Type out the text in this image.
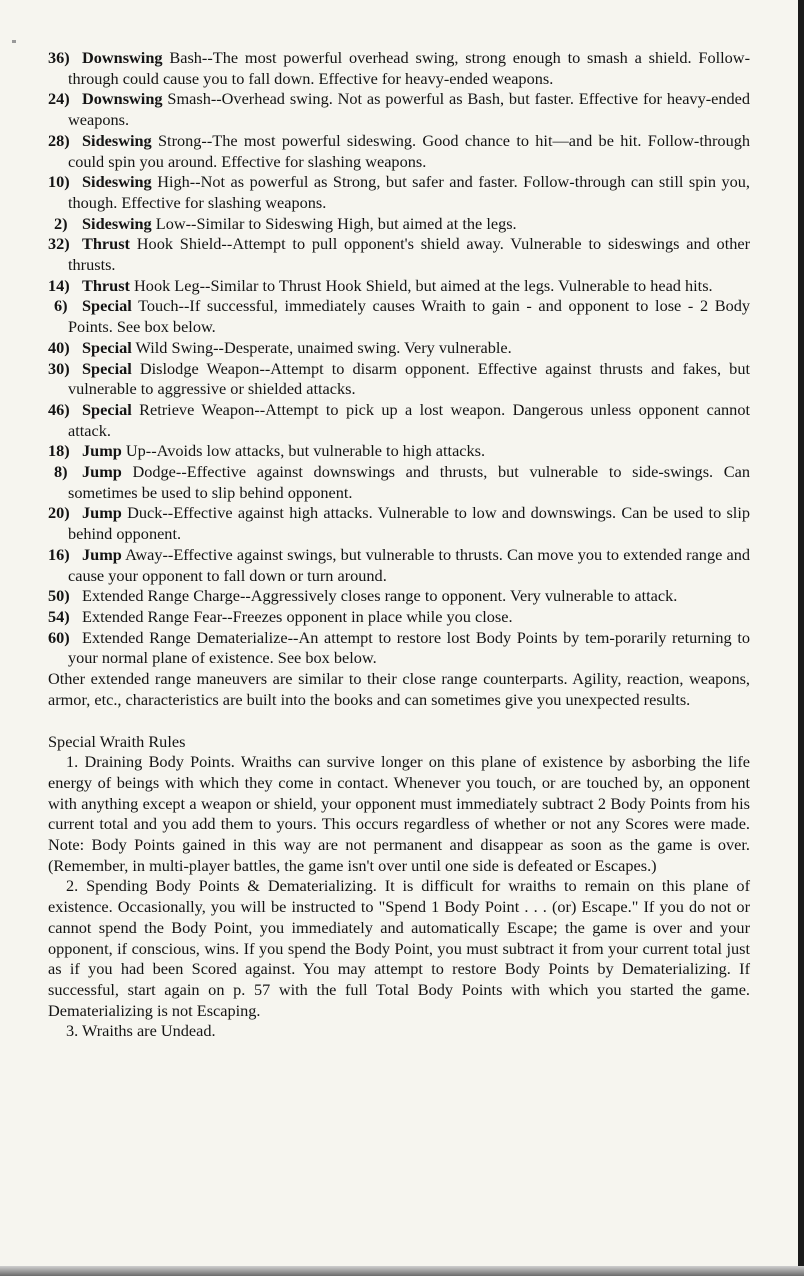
36) Downswing Bash--The most powerful overhead swing, strong enough to smash a shield. Follow-through could cause you to fall down. Effective for heavy-ended weapons.
24) Downswing Smash--Overhead swing. Not as powerful as Bash, but faster. Effective for heavy-ended weapons.
28) Sideswing Strong--The most powerful sideswing. Good chance to hit—and be hit. Follow-through could spin you around. Effective for slashing weapons.
10) Sideswing High--Not as powerful as Strong, but safer and faster. Follow-through can still spin you, though. Effective for slashing weapons.
2) Sideswing Low--Similar to Sideswing High, but aimed at the legs.
32) Thrust Hook Shield--Attempt to pull opponent's shield away. Vulnerable to sideswings and other thrusts.
14) Thrust Hook Leg--Similar to Thrust Hook Shield, but aimed at the legs. Vulnerable to head hits.
6) Special Touch--If successful, immediately causes Wraith to gain - and opponent to lose - 2 Body Points. See box below.
40) Special Wild Swing--Desperate, unaimed swing. Very vulnerable.
30) Special Dislodge Weapon--Attempt to disarm opponent. Effective against thrusts and fakes, but vulnerable to aggressive or shielded attacks.
46) Special Retrieve Weapon--Attempt to pick up a lost weapon. Dangerous unless opponent cannot attack.
18) Jump Up--Avoids low attacks, but vulnerable to high attacks.
8) Jump Dodge--Effective against downswings and thrusts, but vulnerable to side-swings. Can sometimes be used to slip behind opponent.
20) Jump Duck--Effective against high attacks. Vulnerable to low and downswings. Can be used to slip behind opponent.
16) Jump Away--Effective against swings, but vulnerable to thrusts. Can move you to extended range and cause your opponent to fall down or turn around.
50) Extended Range Charge--Aggressively closes range to opponent. Very vulnerable to attack.
54) Extended Range Fear--Freezes opponent in place while you close.
60) Extended Range Dematerialize--An attempt to restore lost Body Points by tem-porarily returning to your normal plane of existence. See box below.
Other extended range maneuvers are similar to their close range counterparts. Agility, reaction, weapons, armor, etc., characteristics are built into the books and can sometimes give you unexpected results.
Special Wraith Rules
1. Draining Body Points. Wraiths can survive longer on this plane of existence by asborbing the life energy of beings with which they come in contact. Whenever you touch, or are touched by, an opponent with anything except a weapon or shield, your opponent must immediately subtract 2 Body Points from his current total and you add them to yours. This occurs regardless of whether or not any Scores were made. Note: Body Points gained in this way are not permanent and disappear as soon as the game is over. (Remember, in multi-player battles, the game isn't over until one side is defeated or Escapes.)
2. Spending Body Points & Dematerializing. It is difficult for wraiths to remain on this plane of existence. Occasionally, you will be instructed to "Spend 1 Body Point . . . (or) Escape." If you do not or cannot spend the Body Point, you immediately and automatically Escape; the game is over and your opponent, if conscious, wins. If you spend the Body Point, you must subtract it from your current total just as if you had been Scored against. You may attempt to restore Body Points by Dematerializing. If successful, start again on p. 57 with the full Total Body Points with which you started the game. Dematerializing is not Escaping.
3. Wraiths are Undead.
